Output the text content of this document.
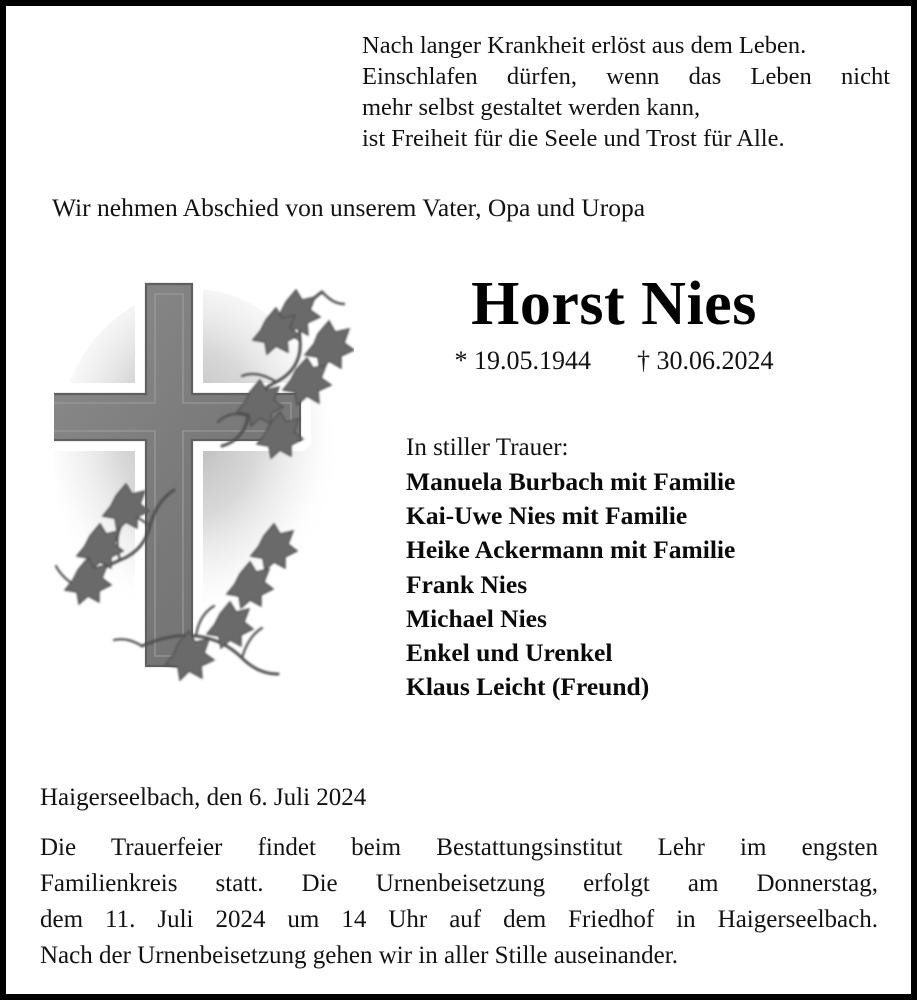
Nach langer Krankheit erlöst aus dem Leben.
Einschlafen dürfen, wenn das Leben nicht
mehr selbst gestaltet werden kann,
ist Freiheit für die Seele und Trost für Alle.
Wir nehmen Abschied von unserem Vater, Opa und Uropa
Horst Nies
* 19.05.1944 † 30.06.2024
In stiller Trauer:
Manuela Burbach mit Familie
Kai-Uwe Nies mit Familie
Heike Ackermann mit Familie
Frank Nies
Michael Nies
Enkel und Urenkel
Klaus Leicht (Freund)
Haigerseelbach, den 6. Juli 2024
Die Trauerfeier findet beim Bestattungsinstitut Lehr im engsten
Familienkreis statt. Die Urnenbeisetzung erfolgt am Donnerstag,
dem 11. Juli 2024 um 14 Uhr auf dem Friedhof in Haigerseelbach.
Nach der Urnenbeisetzung gehen wir in aller Stille auseinander.
